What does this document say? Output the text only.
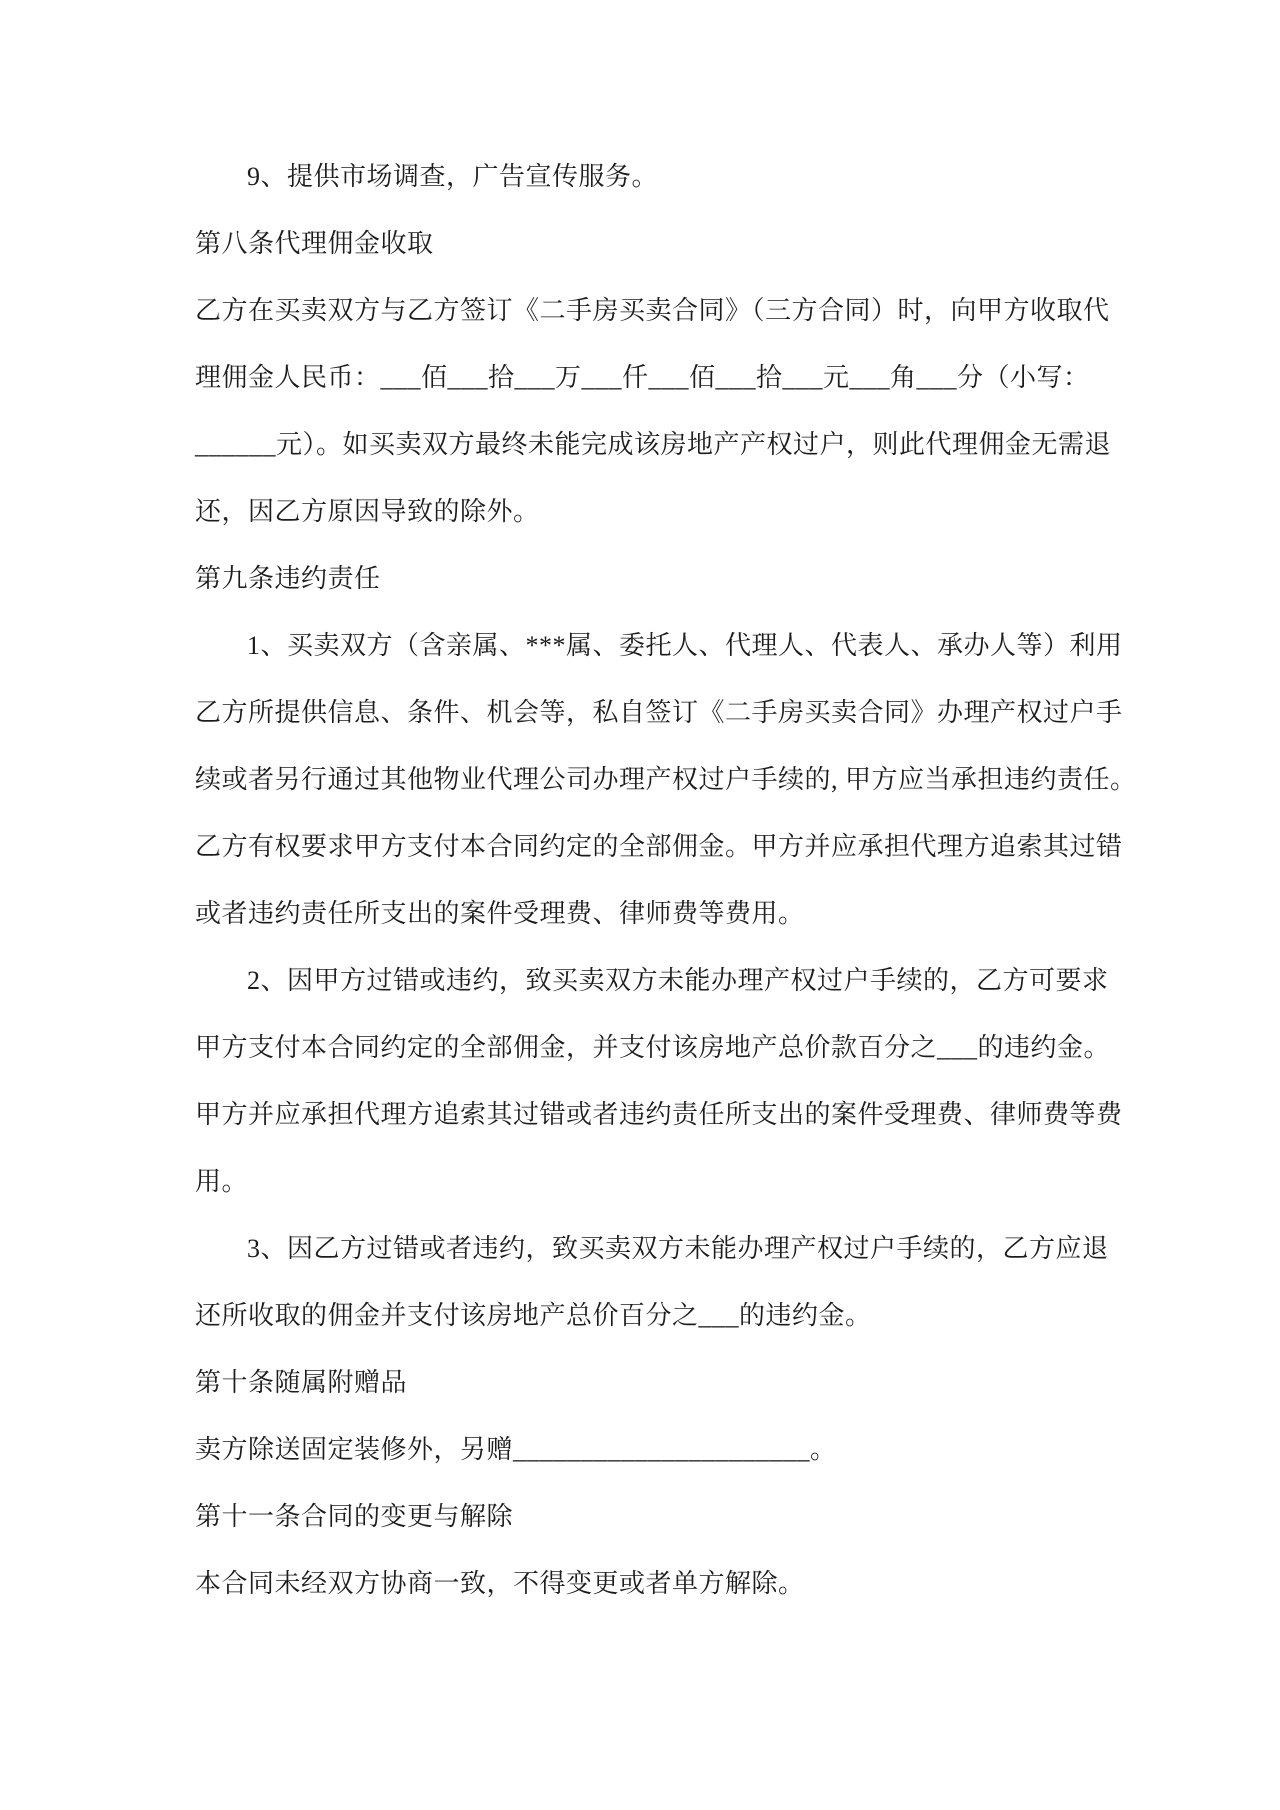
9、提供市场调查，广告宣传服务。
第八条代理佣金收取
乙方在买卖双方与乙方签订《二手房买卖合同》（三方合同）时，向甲方收取代
理佣金人民币：___佰___拾___万___仟___佰___拾___元___角___分（小写：
______元）。如买卖双方最终未能完成该房地产产权过户，则此代理佣金无需退
还，因乙方原因导致的除外。
第九条违约责任
1、买卖双方（含亲属、***属、委托人、代理人、代表人、承办人等）利用
乙方所提供信息、条件、机会等，私自签订《二手房买卖合同》办理产权过户手
续或者另行通过其他物业代理公司办理产权过户手续的, 甲方应当承担违约责任。
乙方有权要求甲方支付本合同约定的全部佣金。甲方并应承担代理方追索其过错
或者违约责任所支出的案件受理费、律师费等费用。
2、因甲方过错或违约，致买卖双方未能办理产权过户手续的，乙方可要求
甲方支付本合同约定的全部佣金，并支付该房地产总价款百分之___的违约金。
甲方并应承担代理方追索其过错或者违约责任所支出的案件受理费、律师费等费
用。
3、因乙方过错或者违约，致买卖双方未能办理产权过户手续的，乙方应退
还所收取的佣金并支付该房地产总价百分之___的违约金。
第十条随属附赠品
卖方除送固定装修外，另赠______________________。
第十一条合同的变更与解除
本合同未经双方协商一致，不得变更或者单方解除。
